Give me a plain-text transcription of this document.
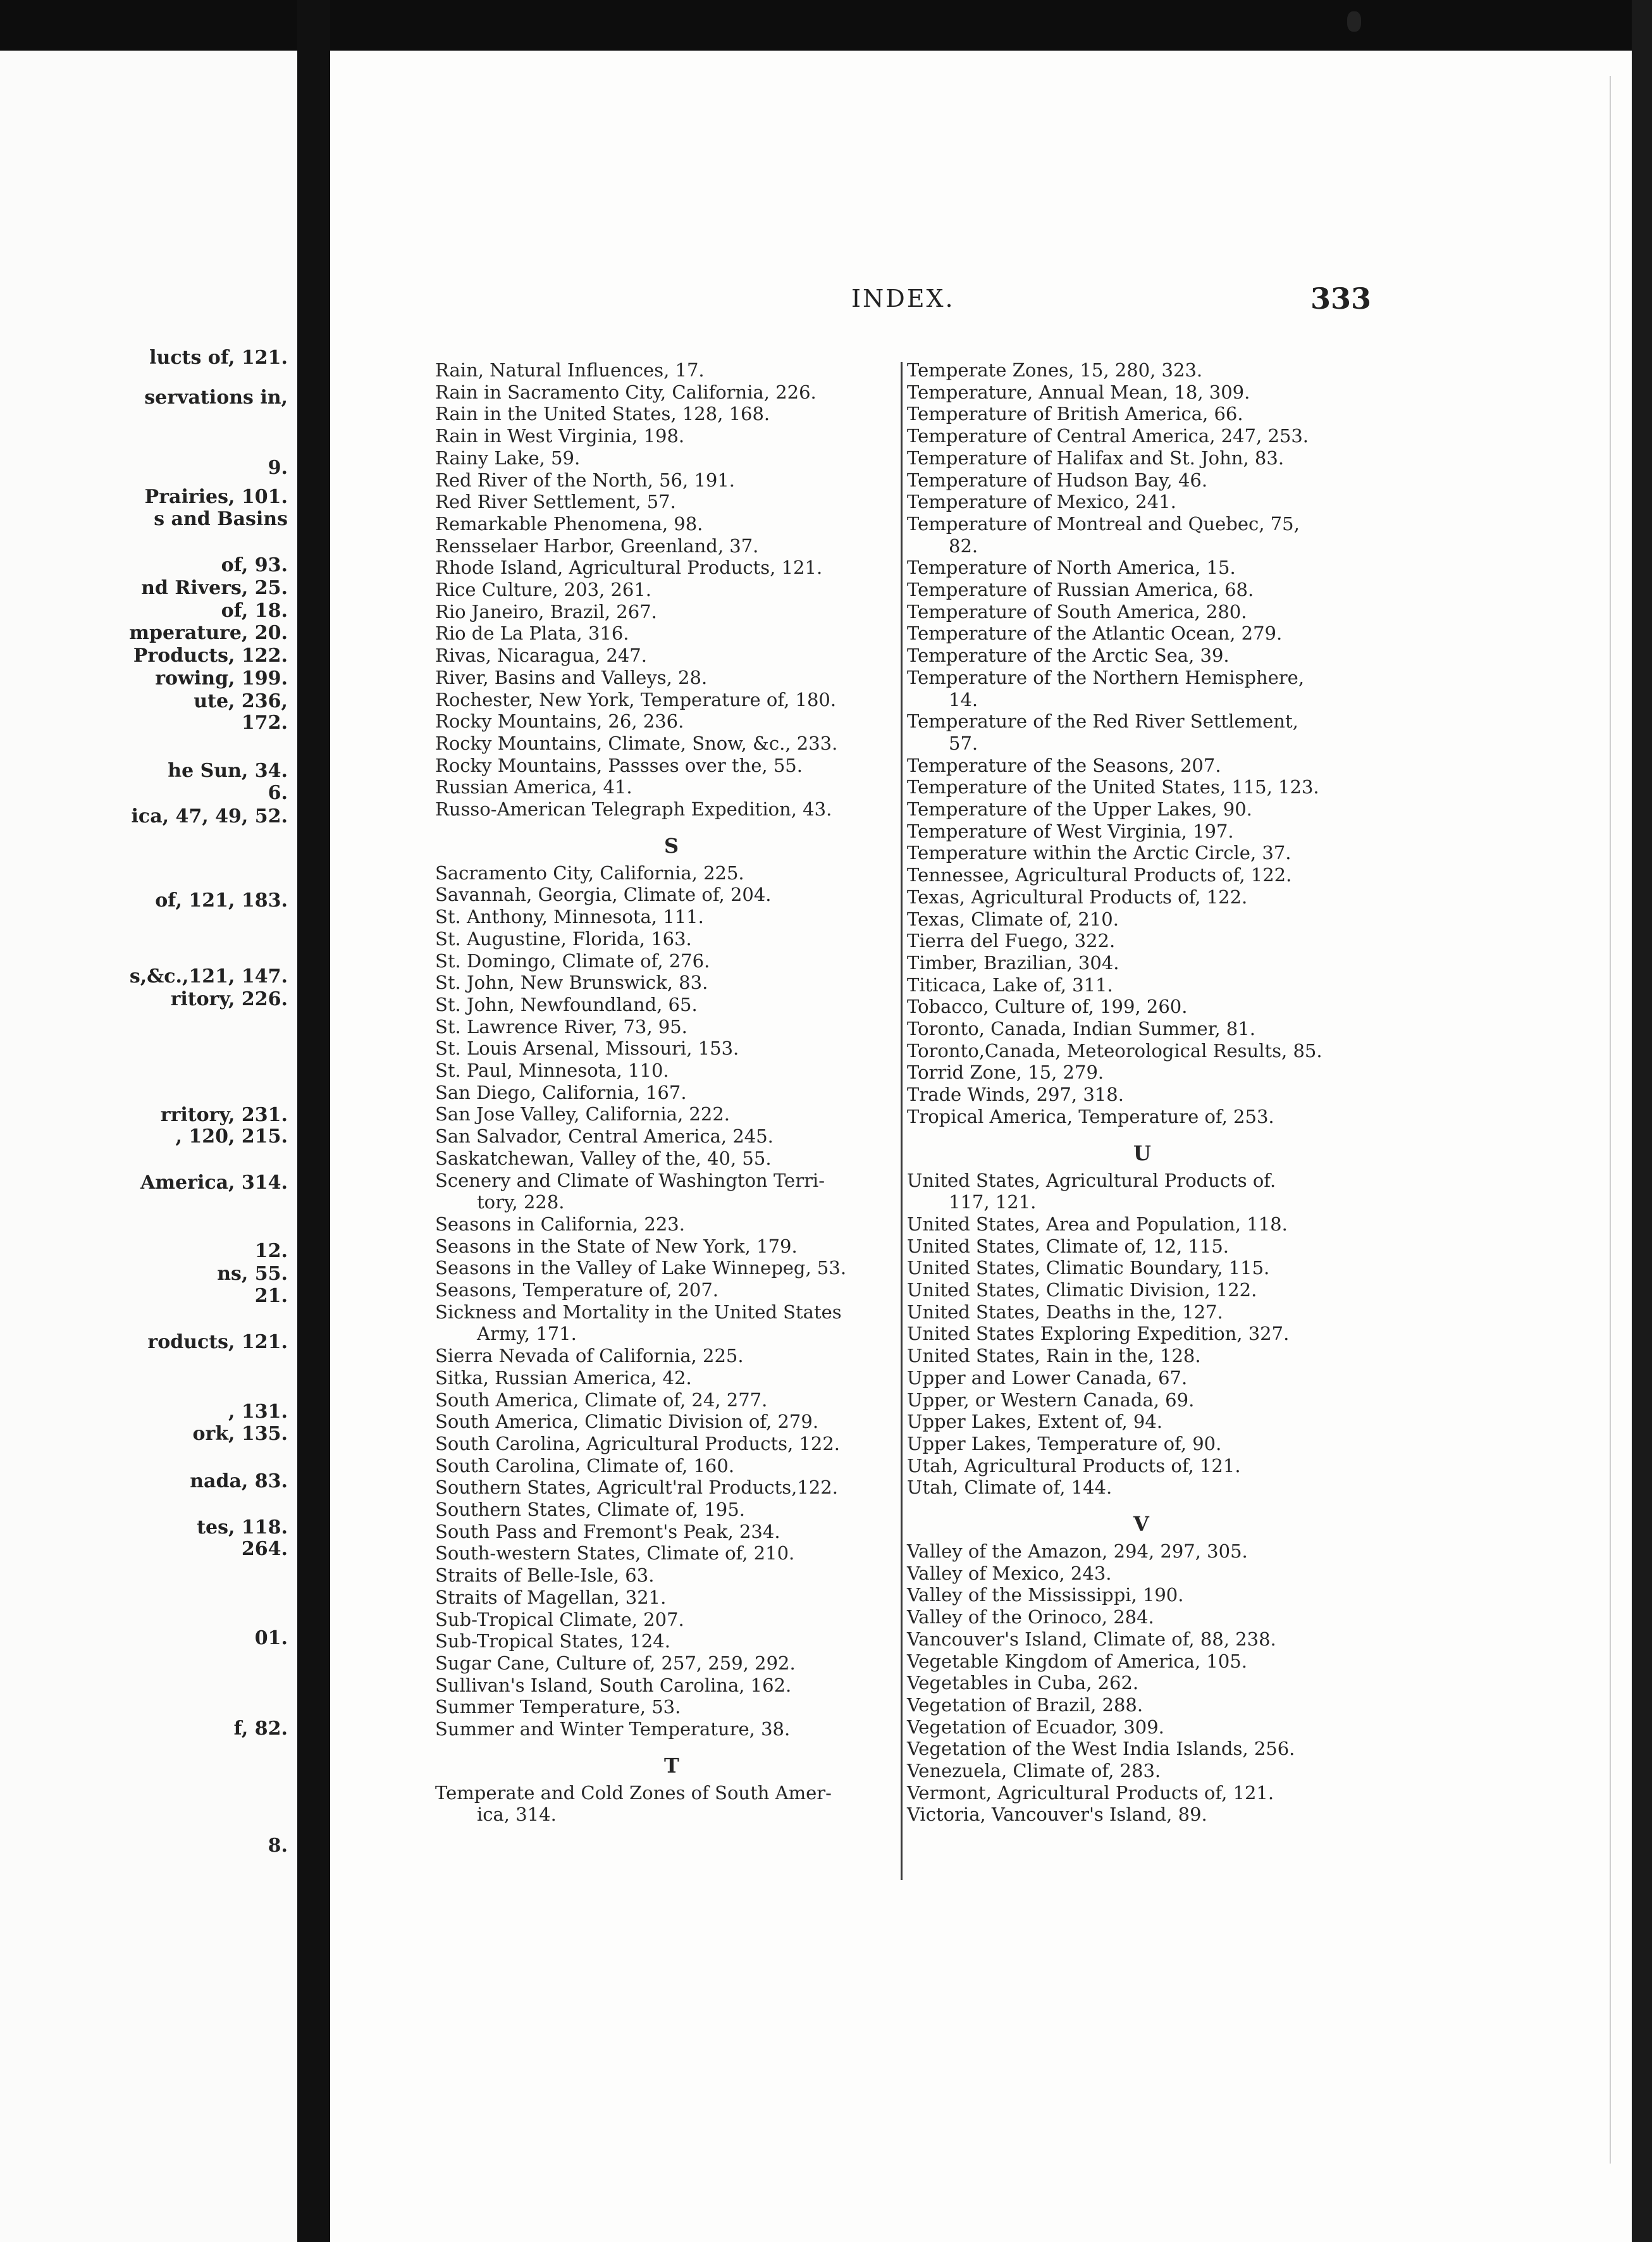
lucts of, 121.
servations in,
9.
Prairies, 101.
s and Basins
of, 93.
nd Rivers, 25.
of, 18.
mperature, 20.
Products, 122.
rowing, 199.
ute, 236,
172.
he Sun, 34.
6.
ica, 47, 49, 52.
of, 121, 183.
s,&c.,121, 147.
ritory, 226.
rritory, 231.
, 120, 215.
America, 314.
12.
ns, 55.
21.
roducts, 121.
, 131.
ork, 135.
nada, 83.
tes, 118.
264.
01.
f, 82.
8.
INDEX.	333
Rain, Natural Influences, 17.
Rain in Sacramento City, California, 226.
Rain in the United States, 128, 168.
Rain in West Virginia, 198.
Rainy Lake, 59.
Red River of the North, 56, 191.
Red River Settlement, 57.
Remarkable Phenomena, 98.
Rensselaer Harbor, Greenland, 37.
Rhode Island, Agricultural Products, 121.
Rice Culture, 203, 261.
Rio Janeiro, Brazil, 267.
Rio de La Plata, 316.
Rivas, Nicaragua, 247.
River, Basins and Valleys, 28.
Rochester, New York, Temperature of, 180.
Rocky Mountains, 26, 236.
Rocky Mountains, Climate, Snow, &c., 233.
Rocky Mountains, Passses over the, 55.
Russian America, 41.
Russo-American Telegraph Expedition, 43.
S
Sacramento City, California, 225.
Savannah, Georgia, Climate of, 204.
St. Anthony, Minnesota, 111.
St. Augustine, Florida, 163.
St. Domingo, Climate of, 276.
St. John, New Brunswick, 83.
St. John, Newfoundland, 65.
St. Lawrence River, 73, 95.
St. Louis Arsenal, Missouri, 153.
St. Paul, Minnesota, 110.
San Diego, California, 167.
San Jose Valley, California, 222.
San Salvador, Central America, 245.
Saskatchewan, Valley of the, 40, 55.
Scenery and Climate of Washington Terri-
tory, 228.
Seasons in California, 223.
Seasons in the State of New York, 179.
Seasons in the Valley of Lake Winnepeg, 53.
Seasons, Temperature of, 207.
Sickness and Mortality in the United States
Army, 171.
Sierra Nevada of California, 225.
Sitka, Russian America, 42.
South America, Climate of, 24, 277.
South America, Climatic Division of, 279.
South Carolina, Agricultural Products, 122.
South Carolina, Climate of, 160.
Southern States, Agricult'ral Products,122.
Southern States, Climate of, 195.
South Pass and Fremont's Peak, 234.
South-western States, Climate of, 210.
Straits of Belle-Isle, 63.
Straits of Magellan, 321.
Sub-Tropical Climate, 207.
Sub-Tropical States, 124.
Sugar Cane, Culture of, 257, 259, 292.
Sullivan's Island, South Carolina, 162.
Summer Temperature, 53.
Summer and Winter Temperature, 38.
T
Temperate and Cold Zones of South Amer-
ica, 314.
Temperate Zones, 15, 280, 323.
Temperature, Annual Mean, 18, 309.
Temperature of British America, 66.
Temperature of Central America, 247, 253.
Temperature of Halifax and St. John, 83.
Temperature of Hudson Bay, 46.
Temperature of Mexico, 241.
Temperature of Montreal and Quebec, 75,
82.
Temperature of North America, 15.
Temperature of Russian America, 68.
Temperature of South America, 280.
Temperature of the Atlantic Ocean, 279.
Temperature of the Arctic Sea, 39.
Temperature of the Northern Hemisphere,
14.
Temperature of the Red River Settlement,
57.
Temperature of the Seasons, 207.
Temperature of the United States, 115, 123.
Temperature of the Upper Lakes, 90.
Temperature of West Virginia, 197.
Temperature within the Arctic Circle, 37.
Tennessee, Agricultural Products of, 122.
Texas, Agricultural Products of, 122.
Texas, Climate of, 210.
Tierra del Fuego, 322.
Timber, Brazilian, 304.
Titicaca, Lake of, 311.
Tobacco, Culture of, 199, 260.
Toronto, Canada, Indian Summer, 81.
Toronto,Canada, Meteorological Results, 85.
Torrid Zone, 15, 279.
Trade Winds, 297, 318.
Tropical America, Temperature of, 253.
U
United States, Agricultural Products of.
117, 121.
United States, Area and Population, 118.
United States, Climate of, 12, 115.
United States, Climatic Boundary, 115.
United States, Climatic Division, 122.
United States, Deaths in the, 127.
United States Exploring Expedition, 327.
United States, Rain in the, 128.
Upper and Lower Canada, 67.
Upper, or Western Canada, 69.
Upper Lakes, Extent of, 94.
Upper Lakes, Temperature of, 90.
Utah, Agricultural Products of, 121.
Utah, Climate of, 144.
V
Valley of the Amazon, 294, 297, 305.
Valley of Mexico, 243.
Valley of the Mississippi, 190.
Valley of the Orinoco, 284.
Vancouver's Island, Climate of, 88, 238.
Vegetable Kingdom of America, 105.
Vegetables in Cuba, 262.
Vegetation of Brazil, 288.
Vegetation of Ecuador, 309.
Vegetation of the West India Islands, 256.
Venezuela, Climate of, 283.
Vermont, Agricultural Products of, 121.
Victoria, Vancouver's Island, 89.
